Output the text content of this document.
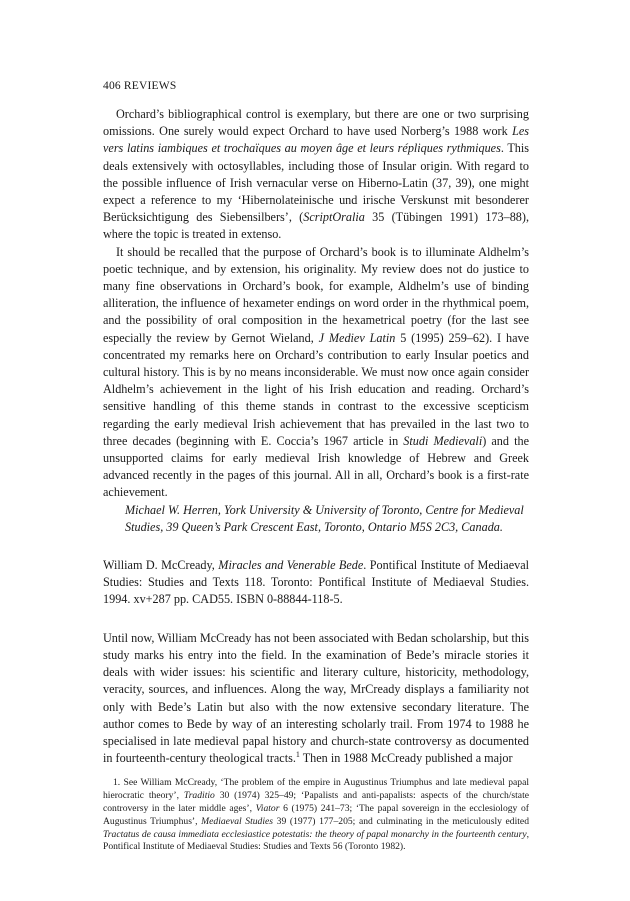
406 REVIEWS

Orchard’s bibliographical control is exemplary, but there are one or two surprising omissions. One surely would expect Orchard to have used Norberg’s 1988 work Les vers latins iambiques et trochaïques au moyen âge et leurs répliques rythmiques. This deals extensively with octosyllables, including those of Insular origin. With regard to the possible influence of Irish vernacular verse on Hiberno-Latin (37, 39), one might expect a reference to my ‘Hibernolateinische und irische Verskunst mit besonderer Berücksichtigung des Siebensilbers’, (ScriptOralia 35 (Tübingen 1991) 173–88), where the topic is treated in extenso.

It should be recalled that the purpose of Orchard’s book is to illuminate Aldhelm’s poetic technique, and by extension, his originality. My review does not do justice to many fine observations in Orchard’s book, for example, Aldhelm’s use of binding alliteration, the influence of hexameter endings on word order in the rhythmical poem, and the possibility of oral composition in the hexametrical poetry (for the last see especially the review by Gernot Wieland, J Mediev Latin 5 (1995) 259–62). I have concentrated my remarks here on Orchard’s contribution to early Insular poetics and cultural history. This is by no means inconsiderable. We must now once again consider Aldhelm’s achievement in the light of his Irish education and reading. Orchard’s sensitive handling of this theme stands in contrast to the excessive scepticism regarding the early medieval Irish achievement that has prevailed in the last two to three decades (beginning with E. Coccia’s 1967 article in Studi Medievali) and the unsupported claims for early medieval Irish knowledge of Hebrew and Greek advanced recently in the pages of this journal. All in all, Orchard’s book is a first-rate achievement.

Michael W. Herren, York University & University of Toronto, Centre for Medieval Studies, 39 Queen’s Park Crescent East, Toronto, Ontario M5S 2C3, Canada.

William D. McCready, Miracles and Venerable Bede. Pontifical Institute of Mediaeval Studies: Studies and Texts 118. Toronto: Pontifical Institute of Mediaeval Studies. 1994. xv+287 pp. CAD55. ISBN 0-88844-118-5.

Until now, William McCready has not been associated with Bedan scholarship, but this study marks his entry into the field. In the examination of Bede’s miracle stories it deals with wider issues: his scientific and literary culture, historicity, methodology, veracity, sources, and influences. Along the way, MrCready displays a familiarity not only with Bede’s Latin but also with the now extensive secondary literature. The author comes to Bede by way of an interesting scholarly trail. From 1974 to 1988 he specialised in late medieval papal history and church-state controversy as documented in fourteenth-century theological tracts.$^1$ Then in 1988 McCready published a major

1. See William McCready, ‘The problem of the empire in Augustinus Triumphus and late medieval papal hierocratic theory’, Traditio 30 (1974) 325–49; ‘Papalists and anti-papalists: aspects of the church/state controversy in the later middle ages’, Viator 6 (1975) 241–73; ‘The papal sovereign in the ecclesiology of Augustinus Triumphus’, Mediaeval Studies 39 (1977) 177–205; and culminating in the meticulously edited Tractatus de causa immediata ecclesiastice potestatis: the theory of papal monarchy in the fourteenth century, Pontifical Institute of Mediaeval Studies: Studies and Texts 56 (Toronto 1982).
